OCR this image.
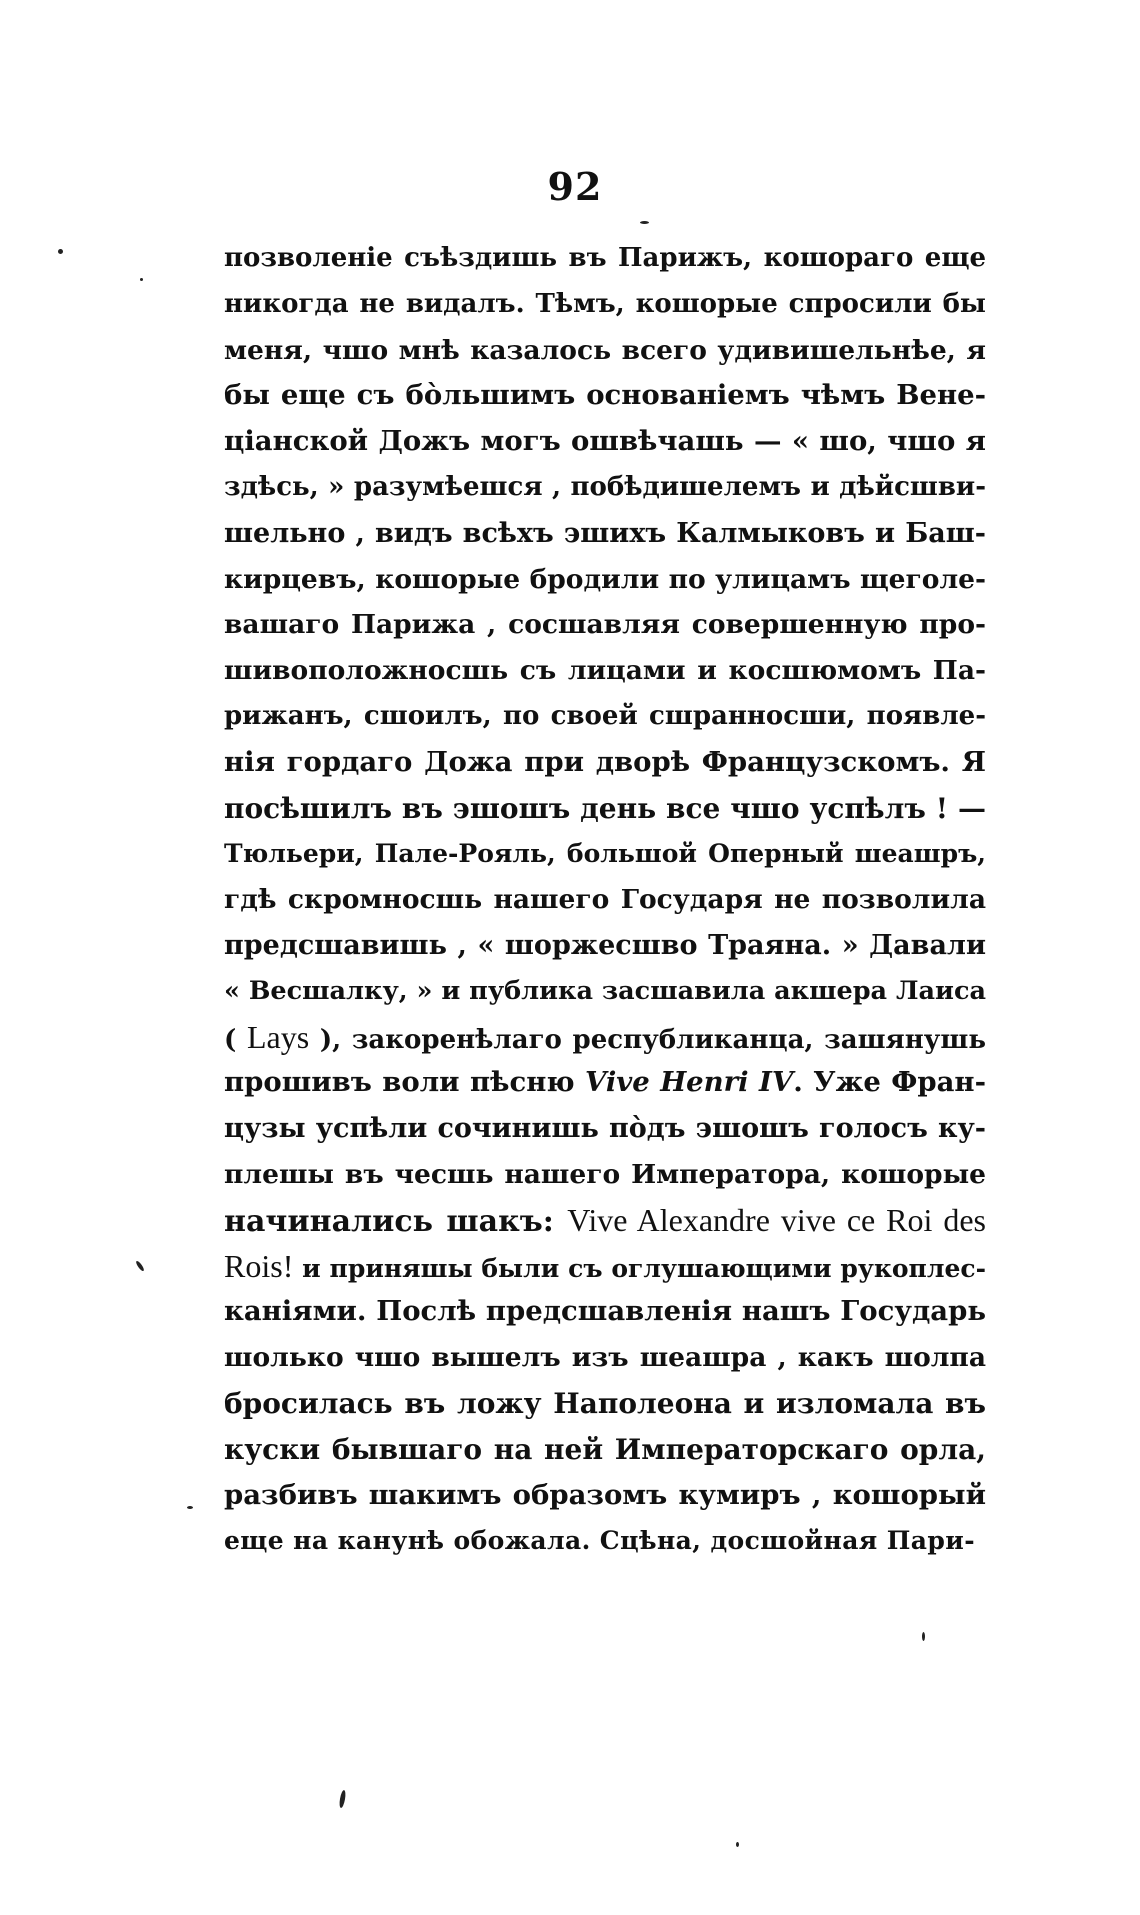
92
позволеніе съѣздишь въ Парижъ, кошораго еще
никогда не видалъ. Тѣмъ, кошорые спросили бы
меня, чшо мнѣ казалось всего удивишельнѣе, я
бы еще съ бо̀льшимъ основаніемъ чѣмъ Вене-
ціанской Дожъ могъ ошвѣчашь — « шо, чшо я
здѣсь, » разумѣешся , побѣдишелемъ и дѣйсшви-
шельно , видъ всѣхъ эшихъ Калмыковъ и Баш-
кирцевъ, кошорые бродили по улицамъ щеголе-
вашаго Парижа , сосшавляя совершенную про-
шивоположносшь съ лицами и косшюмомъ Па-
рижанъ, сшоилъ, по своей сшранносши, появле-
нія гордаго Дожа при дворѣ Французскомъ. Я
посѣшилъ въ эшошъ день все чшо успѣлъ ! —
Тюльери, Пале-Рояль, большой Оперный шеашръ,
гдѣ скромносшь нашего Государя не позволила
предсшавишь , « шоржесшво Траяна. » Давали
« Весшалку, » и публика засшавила акшера Лаиса
( Lays ), закоренѣлаго республиканца, зашянушь
прошивъ воли пѣсню Vive Henri IV. Уже Фран-
цузы успѣли сочинишь по̀дъ эшошъ голосъ ку-
плешы въ чесшь нашего Императора, кошорые
начинались шакъ: Vive Alexandre vive ce Roi des
Rois! и приняшы были съ оглушающими рукоплес-
каніями. Послѣ предсшавленія нашъ Государь
шолько чшо вышелъ изъ шеашра , какъ шолпа
бросилась въ ложу Наполеона и изломала въ
куски бывшаго на ней Императорскаго орла,
разбивъ шакимъ образомъ кумиръ , кошорый
еще на канунѣ обожала. Сцѣна, досшойная Пари-
